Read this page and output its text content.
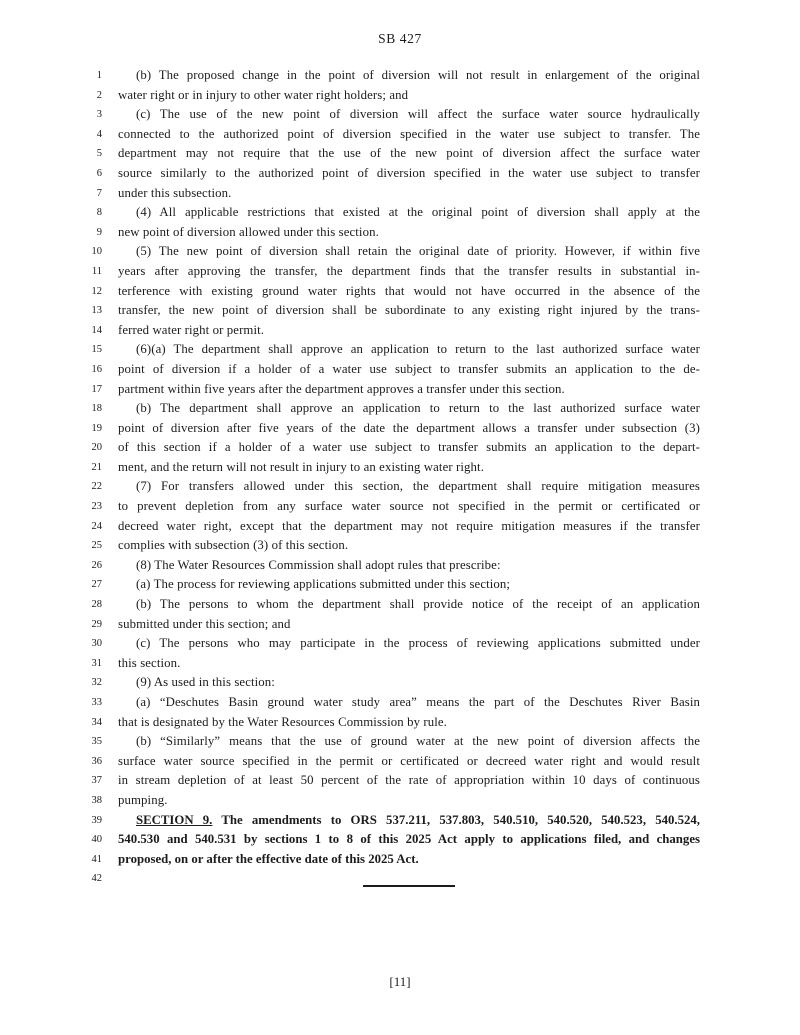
SB 427
1	(b) The proposed change in the point of diversion will not result in enlargement of the original
2 water right or in injury to other water right holders; and
3	(c) The use of the new point of diversion will affect the surface water source hydraulically
4 connected to the authorized point of diversion specified in the water use subject to transfer. The
5 department may not require that the use of the new point of diversion affect the surface water
6 source similarly to the authorized point of diversion specified in the water use subject to transfer
7 under this subsection.
8	(4) All applicable restrictions that existed at the original point of diversion shall apply at the
9 new point of diversion allowed under this section.
10	(5) The new point of diversion shall retain the original date of priority. However, if within five
11 years after approving the transfer, the department finds that the transfer results in substantial in-
12 terference with existing ground water rights that would not have occurred in the absence of the
13 transfer, the new point of diversion shall be subordinate to any existing right injured by the trans-
14 ferred water right or permit.
15	(6)(a) The department shall approve an application to return to the last authorized surface water
16 point of diversion if a holder of a water use subject to transfer submits an application to the de-
17 partment within five years after the department approves a transfer under this section.
18	(b) The department shall approve an application to return to the last authorized surface water
19 point of diversion after five years of the date the department allows a transfer under subsection (3)
20 of this section if a holder of a water use subject to transfer submits an application to the depart-
21 ment, and the return will not result in injury to an existing water right.
22	(7) For transfers allowed under this section, the department shall require mitigation measures
23 to prevent depletion from any surface water source not specified in the permit or certificated or
24 decreed water right, except that the department may not require mitigation measures if the transfer
25 complies with subsection (3) of this section.
26	(8) The Water Resources Commission shall adopt rules that prescribe:
27	(a) The process for reviewing applications submitted under this section;
28	(b) The persons to whom the department shall provide notice of the receipt of an application
29 submitted under this section; and
30	(c) The persons who may participate in the process of reviewing applications submitted under
31 this section.
32	(9) As used in this section:
33	(a) “Deschutes Basin ground water study area” means the part of the Deschutes River Basin
34 that is designated by the Water Resources Commission by rule.
35	(b) “Similarly” means that the use of ground water at the new point of diversion affects the
36 surface water source specified in the permit or certificated or decreed water right and would result
37 in stream depletion of at least 50 percent of the rate of appropriation within 10 days of continuous
38 pumping.
39	SECTION 9. The amendments to ORS 537.211, 537.803, 540.510, 540.520, 540.523, 540.524,
40 540.530 and 540.531 by sections 1 to 8 of this 2025 Act apply to applications filed, and changes
41 proposed, on or after the effective date of this 2025 Act.
42
[11]
